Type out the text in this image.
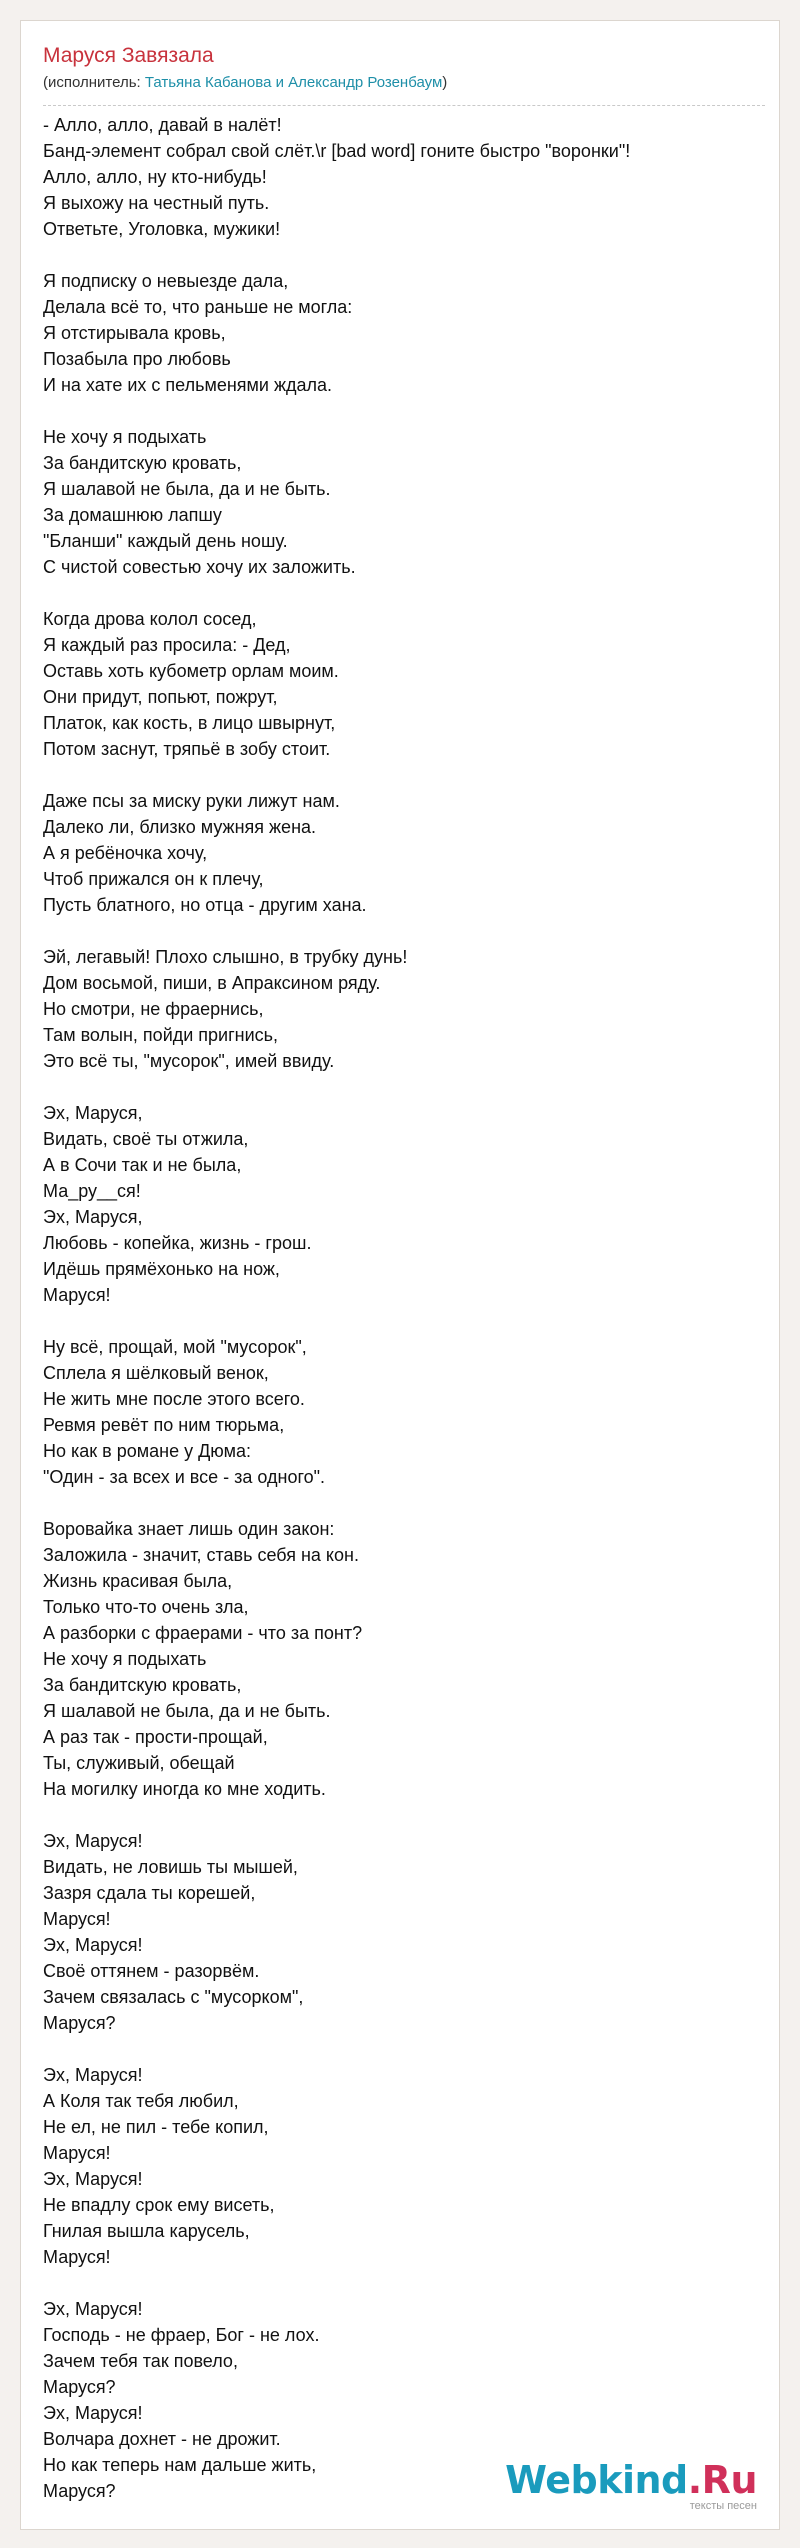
Маруся Завязала
(исполнитель: Татьяна Кабанова и Александр Розенбаум)
- Алло, алло, давай в налёт!
Банд-элемент собрал свой слёт.\r [bad word] гоните быстро "воронки"!
Алло, алло, ну кто-нибудь!
Я выхожу на честный путь.
Ответьте, Уголовка, мужики!
Я подписку о невыезде дала,
Делала всё то, что раньше не могла:
Я отстирывала кровь,
Позабыла про любовь
И на хате их с пельменями ждала.
Не хочу я подыхать
За бандитскую кровать,
Я шалавой не была, да и не быть.
За домашнюю лапшу
"Бланши" каждый день ношу.
С чистой совестью хочу их заложить.
Когда дрова колол сосед,
Я каждый раз просила: - Дед,
Оставь хоть кубометр орлам моим.
Они придут, попьют, пожрут,
Платок, как кость, в лицо швырнут,
Потом заснут, тряпьё в зобу стоит.
Даже псы за миску руки лижут нам.
Далеко ли, близко мужняя жена.
А я ребёночка хочу,
Чтоб прижался он к плечу,
Пусть блатного, но отца - другим хана.
Эй, легавый! Плохо слышно, в трубку дунь!
Дом восьмой, пиши, в Апраксином ряду.
Но смотри, не фраернись,
Там волын, пойди пригнись,
Это всё ты, "мусорок", имей ввиду.
Эх, Маруся,
Видать, своё ты отжила,
А в Сочи так и не была,
Ма_ру__ся!
Эх, Маруся,
Любовь - копейка, жизнь - грош.
Идёшь прямёхонько на нож,
Маруся!
Ну всё, прощай, мой "мусорок",
Сплела я шёлковый венок,
Не жить мне после этого всего.
Ревмя ревёт по ним тюрьма,
Но как в романе у Дюма:
"Один - за всех и все - за одного".
Воровайка знает лишь один закон:
Заложила - значит, ставь себя на кон.
Жизнь красивая была,
Только что-то очень зла,
А разборки с фраерами - что за понт?
Не хочу я подыхать
За бандитскую кровать,
Я шалавой не была, да и не быть.
А раз так - прости-прощай,
Ты, служивый, обещай
На могилку иногда ко мне ходить.
Эх, Маруся!
Видать, не ловишь ты мышей,
Зазря сдала ты корешей,
Маруся!
Эх, Маруся!
Своё оттянем - разорвём.
Зачем связалась с "мусорком",
Маруся?
Эх, Маруся!
А Коля так тебя любил,
Не ел, не пил - тебе копил,
Маруся!
Эх, Маруся!
Не впадлу срок ему висеть,
Гнилая вышла карусель,
Маруся!
Эх, Маруся!
Господь - не фраер, Бог - не лох.
Зачем тебя так повело,
Маруся?
Эх, Маруся!
Волчара дохнет - не дрожит.
Но как теперь нам дальше жить,
Маруся?	Webkind.Ru
тексты песен
